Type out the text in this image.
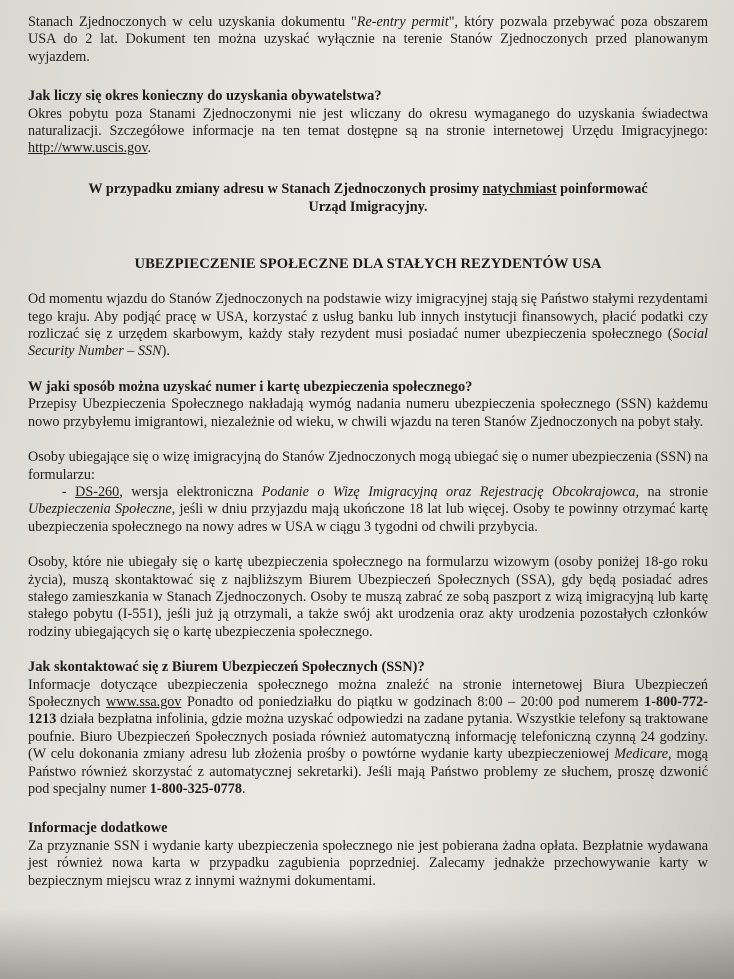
Stanach Zjednoczonych w celu uzyskania dokumentu "Re-entry permit", który pozwala przebywać poza obszarem USA do 2 lat. Dokument ten można uzyskać wyłącznie na terenie Stanów Zjednoczonych przed planowanym wyjazdem.

Jak liczy się okres konieczny do uzyskania obywatelstwa?

Okres pobytu poza Stanami Zjednoczonymi nie jest wliczany do okresu wymaganego do uzyskania świadectwa naturalizacji. Szczegółowe informacje na ten temat dostępne są na stronie internetowej Urzędu Imigracyjnego: http://www.uscis.gov.

W przypadku zmiany adresu w Stanach Zjednoczonych prosimy natychmiast poinformować Urząd Imigracyjny.
UBEZPIECZENIE SPOŁECZNE DLA STAŁYCH REZYDENTÓW USA

Od momentu wjazdu do Stanów Zjednoczonych na podstawie wizy imigracyjnej stają się Państwo stałymi rezydentami tego kraju. Aby podjąć pracę w USA, korzystać z usług banku lub innych instytucji finansowych, płacić podatki czy rozliczać się z urzędem skarbowym, każdy stały rezydent musi posiadać numer ubezpieczenia społecznego (Social Security Number – SSN).

W jaki sposób można uzyskać numer i kartę ubezpieczenia społecznego?

Przepisy Ubezpieczenia Społecznego nakładają wymóg nadania numeru ubezpieczenia społecznego (SSN) każdemu nowo przybyłemu imigrantowi, niezależnie od wieku, w chwili wjazdu na teren Stanów Zjednoczonych na pobyt stały.

Osoby ubiegające się o wizę imigracyjną do Stanów Zjednoczonych mogą ubiegać się o numer ubezpieczenia (SSN) na formularzu:

- DS-260, wersja elektroniczna Podanie o Wizę Imigracyjną oraz Rejestrację Obcokrajowca, na stronie Ubezpieczenia Społeczne, jeśli w dniu przyjazdu mają ukończone 18 lat lub więcej. Osoby te powinny otrzymać kartę ubezpieczenia społecznego na nowy adres w USA w ciągu 3 tygodni od chwili przybycia.

Osoby, które nie ubiegały się o kartę ubezpieczenia społecznego na formularzu wizowym (osoby poniżej 18-go roku życia), muszą skontaktować się z najbliższym Biurem Ubezpieczeń Społecznych (SSA), gdy będą posiadać adres stałego zamieszkania w Stanach Zjednoczonych. Osoby te muszą zabrać ze sobą paszport z wizą imigracyjną lub kartę stałego pobytu (I-551), jeśli już ją otrzymali, a także swój akt urodzenia oraz akty urodzenia pozostałych członków rodziny ubiegających się o kartę ubezpieczenia społecznego.

Jak skontaktować się z Biurem Ubezpieczeń Społecznych (SSN)?

Informacje dotyczące ubezpieczenia społecznego można znaleźć na stronie internetowej Biura Ubezpieczeń Społecznych www.ssa.gov Ponadto od poniedziałku do piątku w godzinach 8:00 – 20:00 pod numerem 1-800-772-1213 działa bezpłatna infolinia, gdzie można uzyskać odpowiedzi na zadane pytania. Wszystkie telefony są traktowane poufnie. Biuro Ubezpieczeń Społecznych posiada również automatyczną informację telefoniczną czynną 24 godziny. (W celu dokonania zmiany adresu lub złożenia prośby o powtórne wydanie karty ubezpieczeniowej Medicare, mogą Państwo również skorzystać z automatycznej sekretarki). Jeśli mają Państwo problemy ze słuchem, proszę dzwonić pod specjalny numer 1-800-325-0778.

Informacje dodatkowe

Za przyznanie SSN i wydanie karty ubezpieczenia społecznego nie jest pobierana żadna opłata. Bezpłatnie wydawana jest również nowa karta w przypadku zagubienia poprzedniej. Zalecamy jednakże przechowywanie karty w bezpiecznym miejscu wraz z innymi ważnymi dokumentami.
